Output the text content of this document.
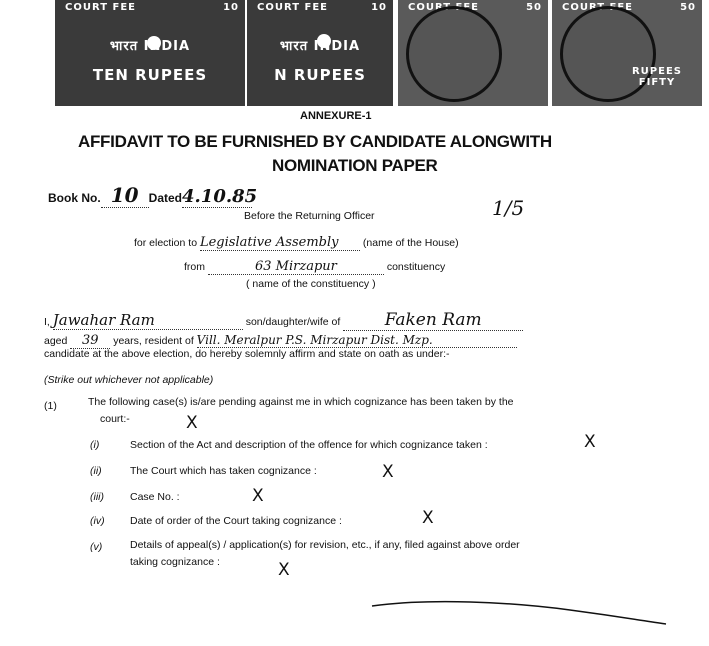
COURT FEE	10
भारत INDIA
TEN RUPEES
COURT FEE	10
भारत INDIA
N RUPEES
COURT FEE	50 COURT FEE	50
RUPEES FIFTY
ANNEXURE-1
AFFIDAVIT TO BE FURNISHED BY CANDIDATE ALONGWITH
NOMINATION PAPER
Book No. 10 Dated4.10.85	1/5
Before the Returning Officer
for election to Legislative Assembly (name of the House)
from	63 Mirzapur	constituency
( name of the constituency )
I, Jawahar Ram	son/daughter/wife of	Faken Ram
aged 39 years, resident of Vill. Meralpur P.S. Mirzapur Dist. Mzp.
candidate at the above election, do hereby solemnly affirm and state on oath as under:-
(Strike out whichever not applicable)
(1)	The following case(s) is/are pending against me in which cognizance has been taken by the
court:-	X
(i)	Section of the Act and description of the offence for which cognizance taken :	X
(ii)	The Court which has taken cognizance :	X
(iii) Case No. :	X
(iv) Date of order of the Court taking cognizance :	X
(v)	Details of appeal(s) / application(s) for revision, etc., if any, filed against above order
taking cognizance :	X
